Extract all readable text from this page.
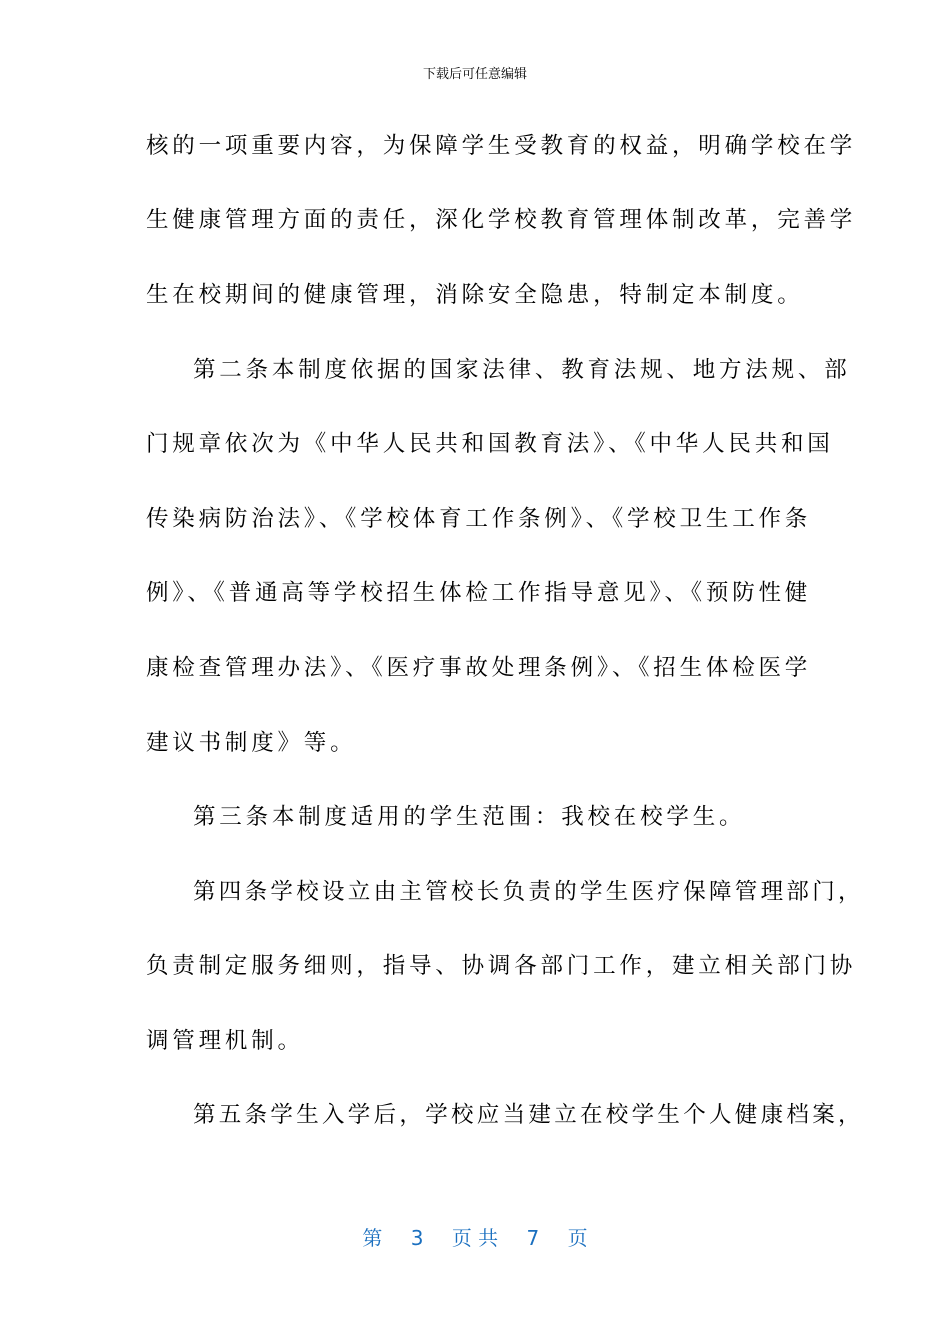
下载后可任意编辑
核的一项重要内容，为保障学生受教育的权益，明确学校在学
生健康管理方面的责任，深化学校教育管理体制改革，完善学
生在校期间的健康管理，消除安全隐患，特制定本制度。
第二条本制度依据的国家法律、教育法规、地方法规、部
门规章依次为《中华人民共和国教育法》、《中华人民共和国
传染病防治法》、《学校体育工作条例》、《学校卫生工作条
例》、《普通高等学校招生体检工作指导意见》、《预防性健
康检查管理办法》、《医疗事故处理条例》、《招生体检医学
建议书制度》等。
第三条本制度适用的学生范围：我校在校学生。
第四条学校设立由主管校长负责的学生医疗保障管理部门，
负责制定服务细则，指导、协调各部门工作，建立相关部门协
调管理机制。
第五条学生入学后，学校应当建立在校学生个人健康档案，
第 3 页 共 7 页
